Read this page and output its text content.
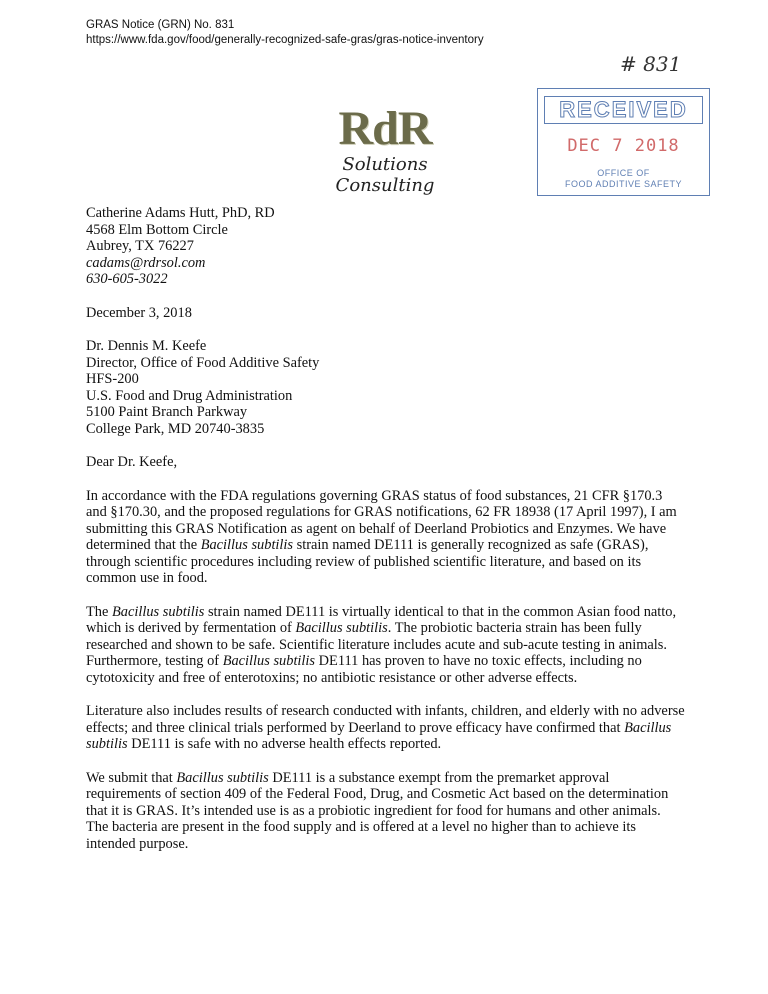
GRAS Notice (GRN) No. 831
https://www.fda.gov/food/generally-recognized-safe-gras/gras-notice-inventory
# 831
RdR
Solutions Consulting
RECEIVED
DEC 7 2018
OFFICE OF
FOOD ADDITIVE SAFETY
Catherine Adams Hutt, PhD, RD
4568 Elm Bottom Circle
Aubrey, TX 76227
cadams@rdrsol.com
630-605-3022
December 3, 2018
Dr. Dennis M. Keefe
Director, Office of Food Additive Safety
HFS-200
U.S. Food and Drug Administration
5100 Paint Branch Parkway
College Park, MD 20740-3835
Dear Dr. Keefe,

In accordance with the FDA regulations governing GRAS status of food substances, 21 CFR §170.3 and §170.30, and the proposed regulations for GRAS notifications, 62 FR 18938 (17 April 1997), I am submitting this GRAS Notification as agent on behalf of Deerland Probiotics and Enzymes. We have determined that the Bacillus subtilis strain named DE111 is generally recognized as safe (GRAS), through scientific procedures including review of published scientific literature, and based on its common use in food.

The Bacillus subtilis strain named DE111 is virtually identical to that in the common Asian food natto, which is derived by fermentation of Bacillus subtilis. The probiotic bacteria strain has been fully researched and shown to be safe. Scientific literature includes acute and sub-acute testing in animals. Furthermore, testing of Bacillus subtilis DE111 has proven to have no toxic effects, including no cytotoxicity and free of enterotoxins; no antibiotic resistance or other adverse effects.

Literature also includes results of research conducted with infants, children, and elderly with no adverse effects; and three clinical trials performed by Deerland to prove efficacy have confirmed that Bacillus subtilis DE111 is safe with no adverse health effects reported.

We submit that Bacillus subtilis DE111 is a substance exempt from the premarket approval requirements of section 409 of the Federal Food, Drug, and Cosmetic Act based on the determination that it is GRAS. It’s intended use is as a probiotic ingredient for food for humans and other animals. The bacteria are present in the food supply and is offered at a level no higher than to achieve its intended purpose.
